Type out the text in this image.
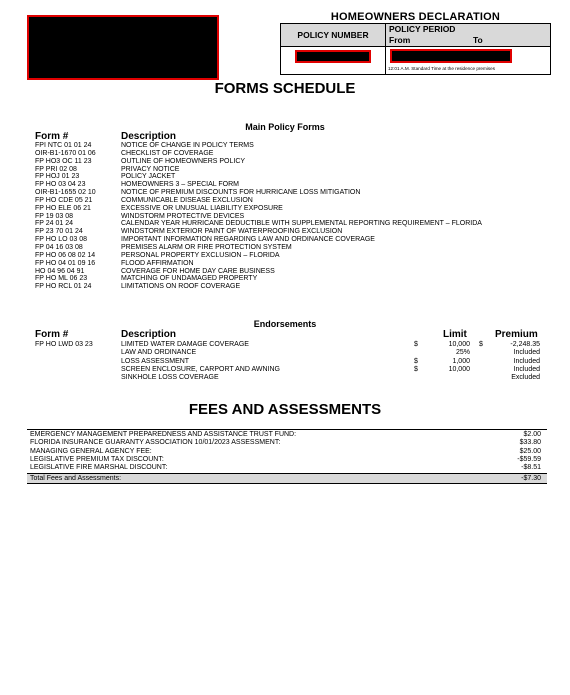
HOMEOWNERS DECLARATION
POLICY NUMBER
POLICY PERIOD
From	To
12:01 A.M. Standard Time at the residence premises
FORMS SCHEDULE
Main Policy Forms
Form #	Description
FPI NTC 01 01 24	NOTICE OF CHANGE IN POLICY TERMS
OIR-B1-1670 01 06	CHECKLIST OF COVERAGE
FP HO3 OC 11 23	OUTLINE OF HOMEOWNERS POLICY
FP PRI 02 08	PRIVACY NOTICE
FP HOJ 01 23	POLICY JACKET
FP HO 03 04 23	HOMEOWNERS 3 – SPECIAL FORM
OIR-B1-1655 02 10	NOTICE OF PREMIUM DISCOUNTS FOR HURRICANE LOSS MITIGATION
FP HO CDE 05 21	COMMUNICABLE DISEASE EXCLUSION
FP HO ELE 06 21	EXCESSIVE OR UNUSUAL LIABILITY EXPOSURE
FP 19 03 08	WINDSTORM PROTECTIVE DEVICES
FP 24 01 24	CALENDAR YEAR HURRICANE DEDUCTIBLE WITH SUPPLEMENTAL REPORTING REQUIREMENT – FLORIDA
FP 23 70 01 24	WINDSTORM EXTERIOR PAINT OF WATERPROOFING EXCLUSION
FP HO LO 03 08	IMPORTANT INFORMATION REGARDING LAW AND ORDINANCE COVERAGE
FP 04 16 03 08	PREMISES ALARM OR FIRE PROTECTION SYSTEM
FP HO 06 08 02 14	PERSONAL PROPERTY EXCLUSION – FLORIDA
FP HO 04 01 09 16	FLOOD AFFIRMATION
HO 04 96 04 91	COVERAGE FOR HOME DAY CARE BUSINESS
FP HO ML 06 23	MATCHING OF UNDAMAGED PROPERTY
FP HO RCL 01 24	LIMITATIONS ON ROOF COVERAGE
Endorsements
Form #	Description	Limit	Premium
FP HO LWD 03 23	LIMITED WATER DAMAGE COVERAGE	$	10,000 $	-2,248.35
LAW AND ORDINANCE	25%	Included
LOSS ASSESSMENT	$	1,000	Included
SCREEN ENCLOSURE, CARPORT AND AWNING	$	10,000	Included
SINKHOLE LOSS COVERAGE	Excluded
FEES AND ASSESSMENTS
EMERGENCY MANAGEMENT PREPAREDNESS AND ASSISTANCE TRUST FUND:	$2.00
FLORIDA INSURANCE GUARANTY ASSOCIATION 10/01/2023 ASSESSMENT:	$33.80
MANAGING GENERAL AGENCY FEE:	$25.00
LEGISLATIVE PREMIUM TAX DISCOUNT:	-$59.59
LEGISLATIVE FIRE MARSHAL DISCOUNT:	-$8.51
Total Fees and Assessments:	-$7.30
